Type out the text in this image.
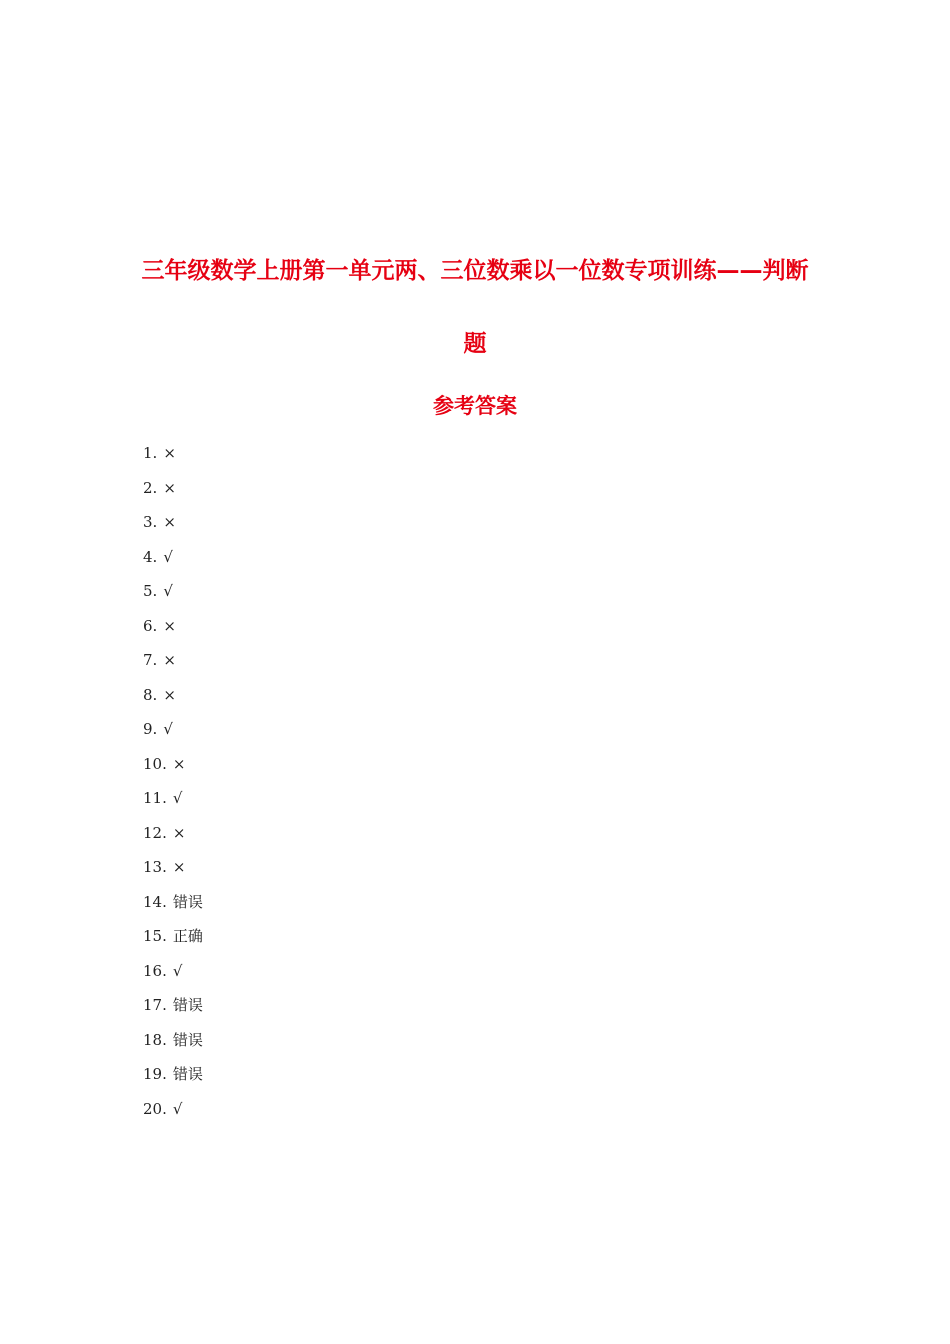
三年级数学上册第一单元两、三位数乘以一位数专项训练——判断
题
参考答案
1. ×
2. ×
3. ×
4. √
5. √
6. ×
7. ×
8. ×
9. √
10. ×
11. √
12. ×
13. ×
14. 错误
15. 正确
16. √
17. 错误
18. 错误
19. 错误
20. √
